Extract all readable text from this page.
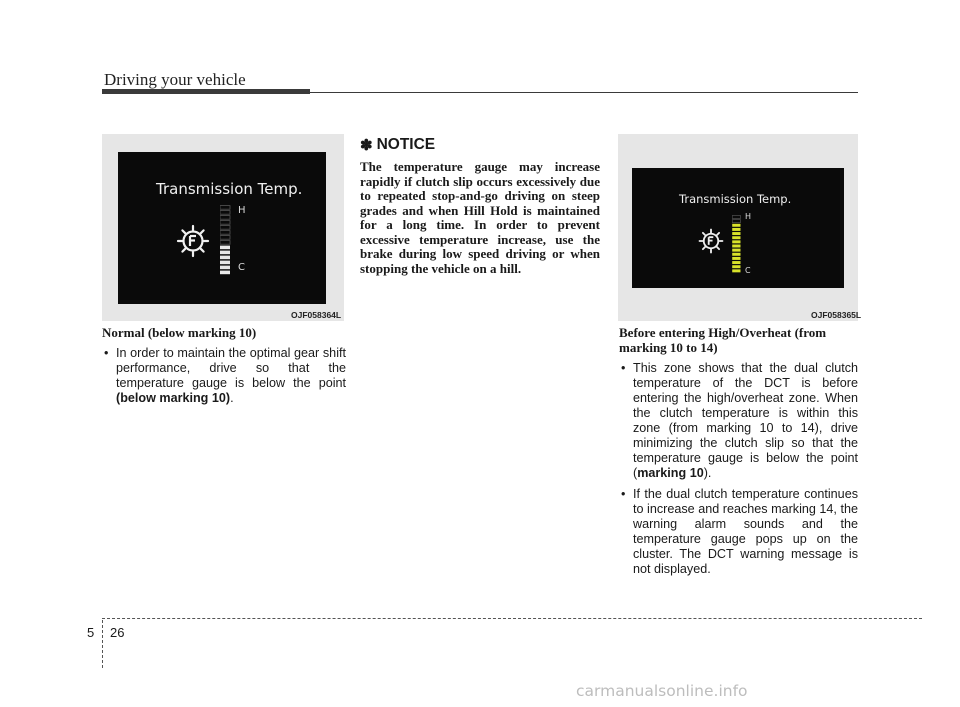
Driving your vehicle
Transmission Temp.
H
C
OJF058364L
Transmission Temp.
H
C
OJF058365L
Normal (below marking 10)
• In order to maintain the optimal gear shift performance, drive so that the temperature gauge is below the point (below marking 10).
✽ NOTICE
The temperature gauge may increase rapidly if clutch slip occurs excessively due to repeated stop-and-go driving on steep grades and when Hill Hold is maintained for a long time. In order to prevent excessive temperature increase, use the brake during low speed driving or when stopping the vehicle on a hill.
Before entering High/Overheat (from marking 10 to 14)
• This zone shows that the dual clutch temperature of the DCT is before entering the high/overheat zone. When the clutch temperature is within this zone (from marking 10 to 14), drive minimizing the clutch slip so that the temperature gauge is below the point (marking 10).
• If the dual clutch temperature continues to increase and reaches marking 14, the warning alarm sounds and the temperature gauge pops up on the cluster. The DCT warning message is not displayed.
5 26
carmanualsonline.info
